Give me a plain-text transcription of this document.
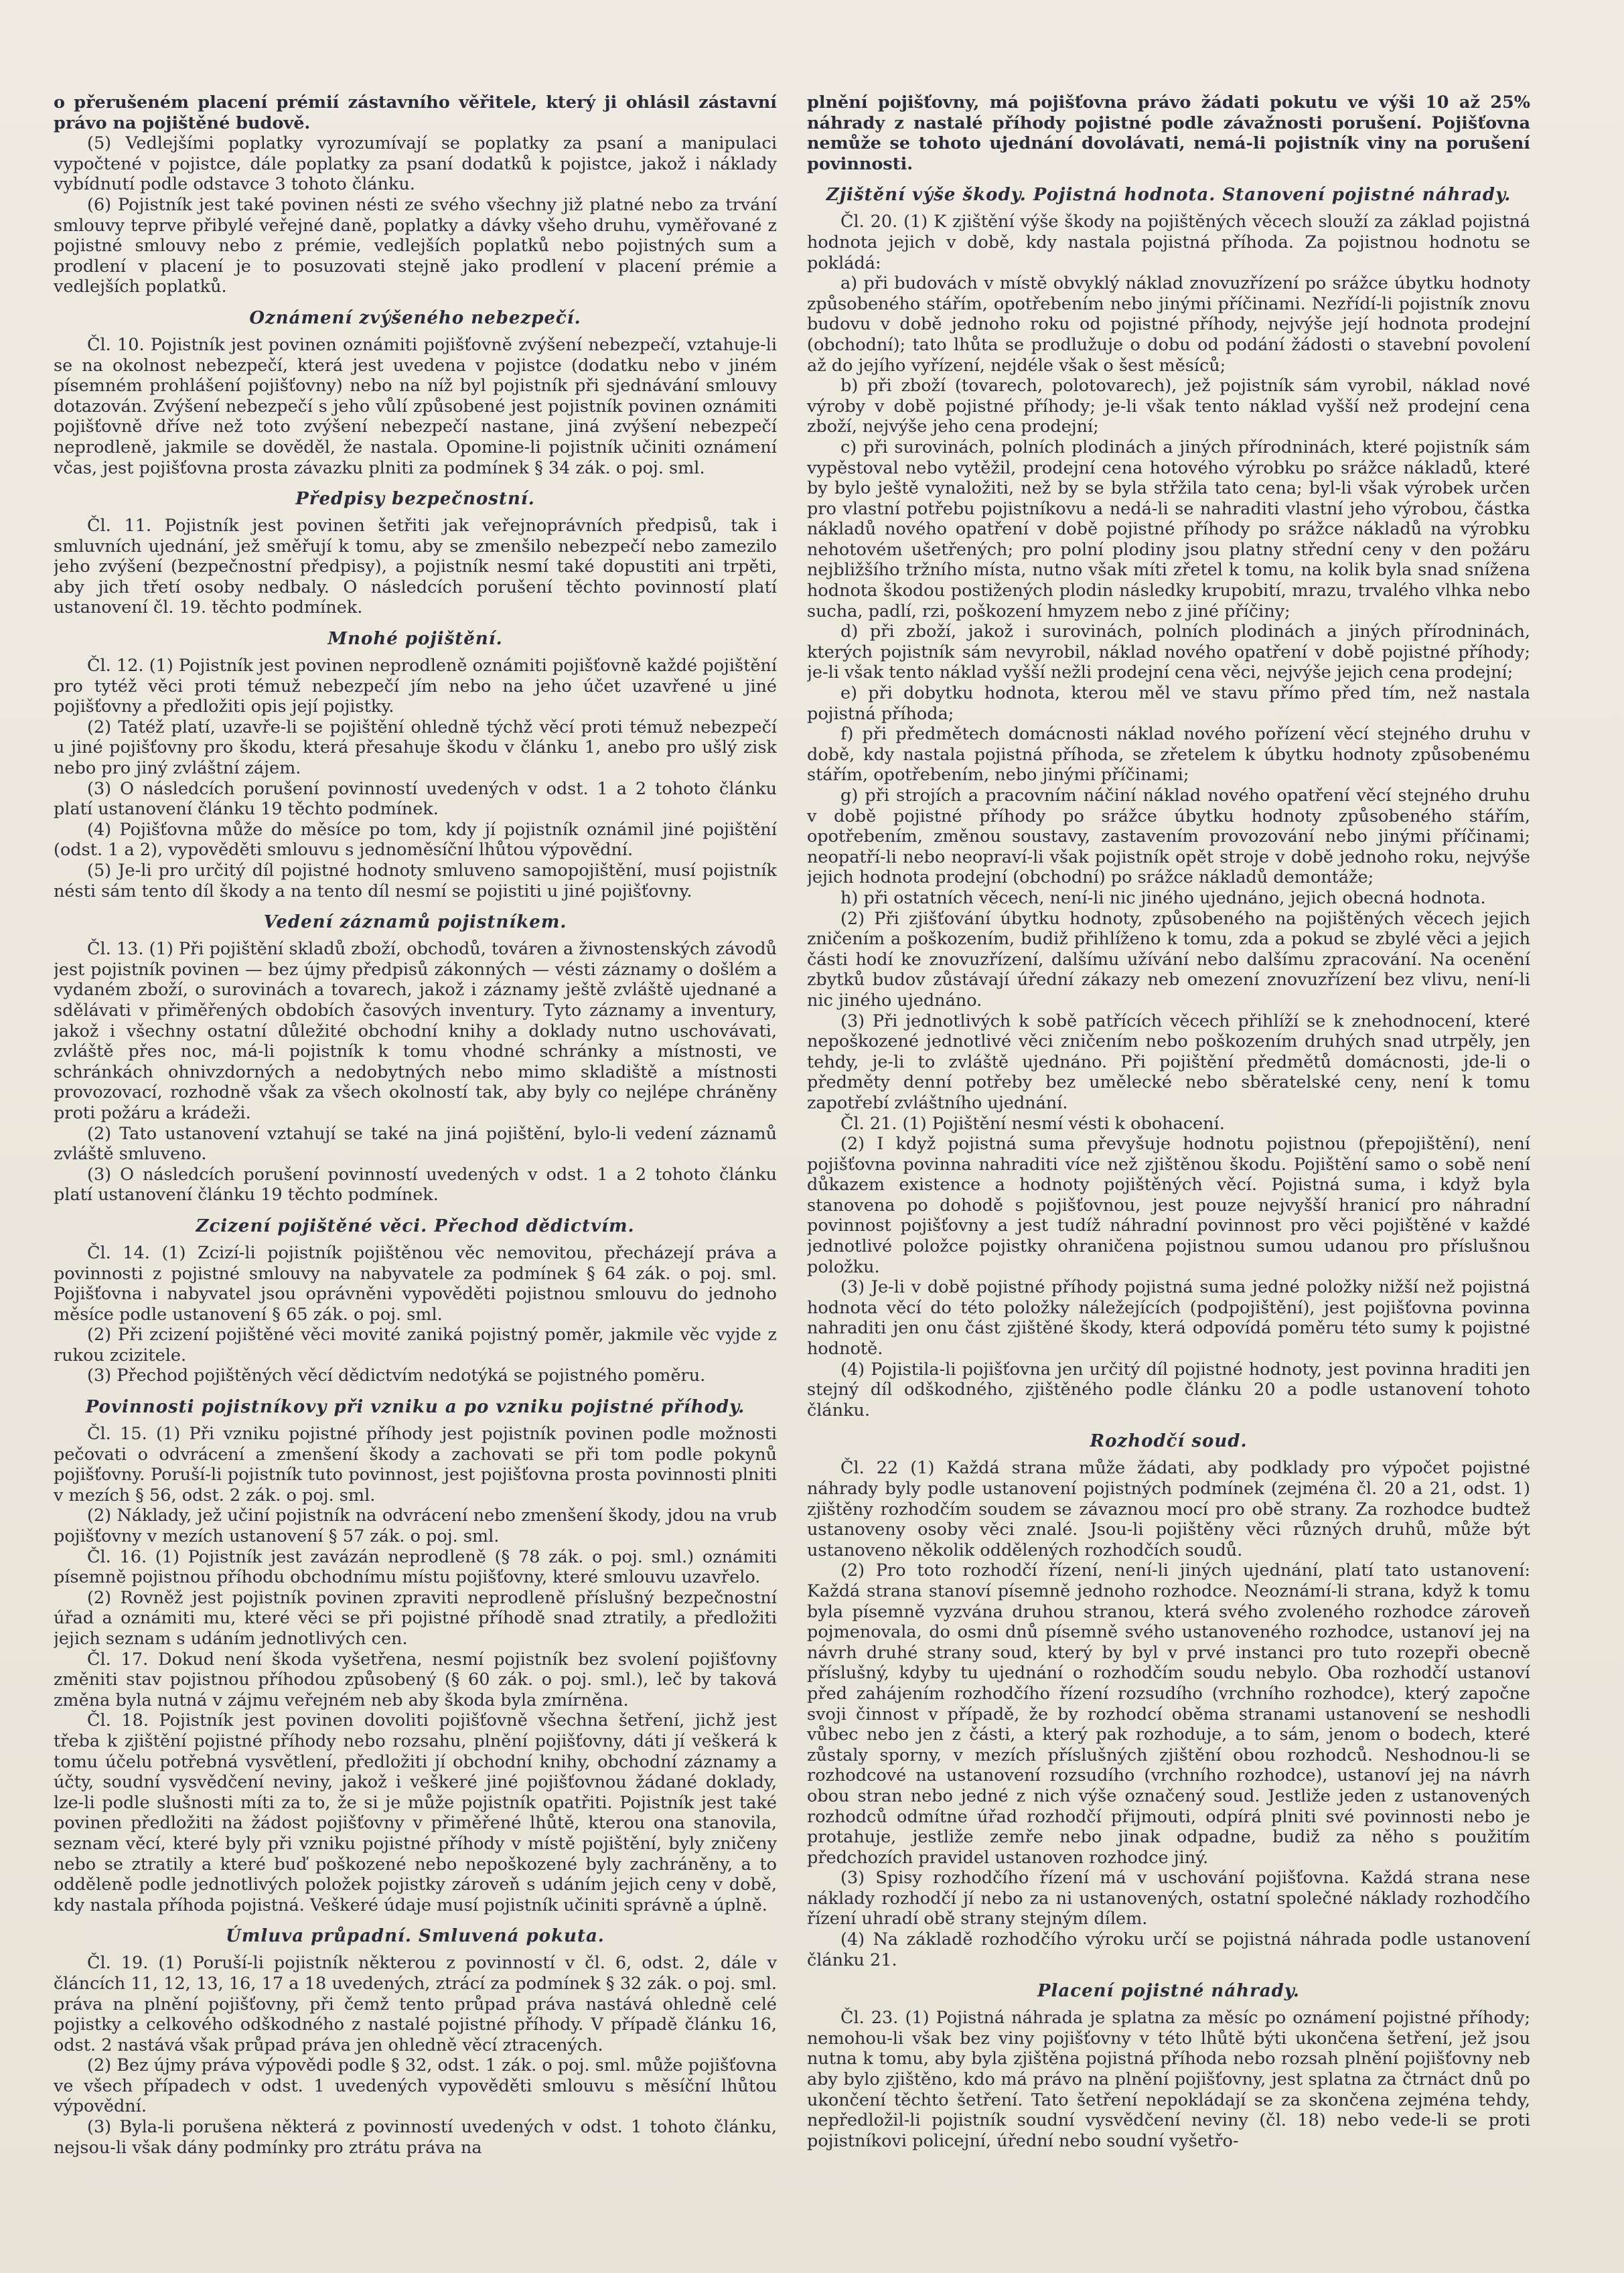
o přerušeném placení prémií zástavního věřitele, který ji ohlásil zástavní právo na pojištěné budově.

(5) Vedlejšími poplatky vyrozumívají se poplatky za psaní a manipulaci vypočtené v pojistce, dále poplatky za psaní dodatků k pojistce, jakož i náklady vybídnutí podle odstavce 3 tohoto článku.

(6) Pojistník jest také povinen nésti ze svého všechny již platné nebo za trvání smlouvy teprve přibylé veřejné daně, poplatky a dávky všeho druhu, vyměřované z pojistné smlouvy nebo z prémie, vedlejších poplatků nebo pojistných sum a prodlení v placení je to posuzovati stejně jako prodlení v placení prémie a vedlejších poplatků.

Oznámení zvýšeného nebezpečí.

Čl. 10. Pojistník jest povinen oznámiti pojišťovně zvýšení nebezpečí, vztahuje-li se na okolnost nebezpečí, která jest uvedena v pojistce (dodatku nebo v jiném písemném prohlášení pojišťovny) nebo na níž byl pojistník při sjednávání smlouvy dotazován. Zvýšení nebezpečí s jeho vůlí způsobené jest pojistník povinen oznámiti pojišťovně dříve než toto zvýšení nebezpečí nastane, jiná zvýšení nebezpečí neprodleně, jakmile se dověděl, že nastala. Opomine-li pojistník učiniti oznámení včas, jest pojišťovna prosta závazku plniti za podmínek § 34 zák. o poj. sml.

Předpisy bezpečnostní.

Čl. 11. Pojistník jest povinen šetřiti jak veřejnoprávních předpisů, tak i smluvních ujednání, jež směřují k tomu, aby se zmenšilo nebezpečí nebo zamezilo jeho zvýšení (bezpečnostní předpisy), a pojistník nesmí také dopustiti ani trpěti, aby jich třetí osoby nedbaly. O následcích porušení těchto povinností platí ustanovení čl. 19. těchto podmínek.

Mnohé pojištění.

Čl. 12. (1) Pojistník jest povinen neprodleně oznámiti pojišťovně každé pojištění pro tytéž věci proti témuž nebezpečí jím nebo na jeho účet uzavřené u jiné pojišťovny a předložiti opis její pojistky.

(2) Tatéž platí, uzavře-li se pojištění ohledně týchž věcí proti témuž nebezpečí u jiné pojišťovny pro škodu, která přesahuje škodu v článku 1, anebo pro ušlý zisk nebo pro jiný zvláštní zájem.

(3) O následcích porušení povinností uvedených v odst. 1 a 2 tohoto článku platí ustanovení článku 19 těchto podmínek.

(4) Pojišťovna může do měsíce po tom, kdy jí pojistník oznámil jiné pojištění (odst. 1 a 2), vypověděti smlouvu s jednoměsíční lhůtou výpovědní.

(5) Je-li pro určitý díl pojistné hodnoty smluveno samopojištění, musí pojistník nésti sám tento díl škody a na tento díl nesmí se pojistiti u jiné pojišťovny.

Vedení záznamů pojistníkem.

Čl. 13. (1) Při pojištění skladů zboží, obchodů, továren a živnostenských závodů jest pojistník povinen — bez újmy předpisů zákonných — vésti záznamy o došlém a vydaném zboží, o surovinách a tovarech, jakož i záznamy ještě zvláště ujednané a sdělávati v přiměřených obdobích časových inventury. Tyto záznamy a inventury, jakož i všechny ostatní důležité obchodní knihy a doklady nutno uschovávati, zvláště přes noc, má-li pojistník k tomu vhodné schránky a místnosti, ve schránkách ohnivzdorných a nedobytných nebo mimo skladiště a místnosti provozovací, rozhodně však za všech okolností tak, aby byly co nejlépe chráněny proti požáru a krádeži.

(2) Tato ustanovení vztahují se také na jiná pojištění, bylo-li vedení záznamů zvláště smluveno.

(3) O následcích porušení povinností uvedených v odst. 1 a 2 tohoto článku platí ustanovení článku 19 těchto podmínek.

Zcizení pojištěné věci. Přechod dědictvím.

Čl. 14. (1) Zcizí-li pojistník pojištěnou věc nemovitou, přecházejí práva a povinnosti z pojistné smlouvy na nabyvatele za podmínek § 64 zák. o poj. sml. Pojišťovna i nabyvatel jsou oprávněni vypověděti pojistnou smlouvu do jednoho měsíce podle ustanovení § 65 zák. o poj. sml.

(2) Při zcizení pojištěné věci movité zaniká pojistný poměr, jakmile věc vyjde z rukou zcizitele.

(3) Přechod pojištěných věcí dědictvím nedotýká se pojistného poměru.

Povinnosti pojistníkovy při vzniku a po vzniku pojistné příhody.

Čl. 15. (1) Při vzniku pojistné příhody jest pojistník povinen podle možnosti pečovati o odvrácení a zmenšení škody a zachovati se při tom podle pokynů pojišťovny. Poruší-li pojistník tuto povinnost, jest pojišťovna prosta povinnosti plniti v mezích § 56, odst. 2 zák. o poj. sml.

(2) Náklady, jež učiní pojistník na odvrácení nebo zmenšení škody, jdou na vrub pojišťovny v mezích ustanovení § 57 zák. o poj. sml.

Čl. 16. (1) Pojistník jest zavázán neprodleně (§ 78 zák. o poj. sml.) oznámiti písemně pojistnou příhodu obchodnímu místu pojišťovny, které smlouvu uzavřelo.

(2) Rovněž jest pojistník povinen zpraviti neprodleně příslušný bezpečnostní úřad a oznámiti mu, které věci se při pojistné příhodě snad ztratily, a předložiti jejich seznam s udáním jednotlivých cen.

Čl. 17. Dokud není škoda vyšetřena, nesmí pojistník bez svolení pojišťovny změniti stav pojistnou příhodou způsobený (§ 60 zák. o poj. sml.), leč by taková změna byla nutná v zájmu veřejném neb aby škoda byla zmírněna.

Čl. 18. Pojistník jest povinen dovoliti pojišťovně všechna šetření, jichž jest třeba k zjištění pojistné příhody nebo rozsahu, plnění pojišťovny, dáti jí veškerá k tomu účelu potřebná vysvětlení, předložiti jí obchodní knihy, obchodní záznamy a účty, soudní vysvědčení neviny, jakož i veškeré jiné pojišťovnou žádané doklady, lze-li podle slušnosti míti za to, že si je může pojistník opatřiti. Pojistník jest také povinen předložiti na žádost pojišťovny v přiměřené lhůtě, kterou ona stanovila, seznam věcí, které byly při vzniku pojistné příhody v místě pojištění, byly zničeny nebo se ztratily a které buď poškozené nebo nepoškozené byly zachráněny, a to odděleně podle jednotlivých položek pojistky zároveň s udáním jejich ceny v době, kdy nastala příhoda pojistná. Veškeré údaje musí pojistník učiniti správně a úplně.

Úmluva průpadní. Smluvená pokuta.

Čl. 19. (1) Poruší-li pojistník některou z povinností v čl. 6, odst. 2, dále v článcích 11, 12, 13, 16, 17 a 18 uvedených, ztrácí za podmínek § 32 zák. o poj. sml. práva na plnění pojišťovny, při čemž tento průpad práva nastává ohledně celé pojistky a celkového odškodného z nastalé pojistné příhody. V případě článku 16, odst. 2 nastává však průpad práva jen ohledně věcí ztracených.

(2) Bez újmy práva výpovědi podle § 32, odst. 1 zák. o poj. sml. může pojišťovna ve všech případech v odst. 1 uvedených vypověděti smlouvu s měsíční lhůtou výpovědní.

(3) Byla-li porušena některá z povinností uvedených v odst. 1 tohoto článku, nejsou-li však dány podmínky pro ztrátu práva na

plnění pojišťovny, má pojišťovna právo žádati pokutu ve výši 10 až 25% náhrady z nastalé příhody pojistné podle závažnosti porušení. Pojišťovna nemůže se tohoto ujednání dovolávati, nemá-li pojistník viny na porušení povinnosti.

Zjištění výše škody. Pojistná hodnota. Stanovení pojistné náhrady.

Čl. 20. (1) K zjištění výše škody na pojištěných věcech slouží za základ pojistná hodnota jejich v době, kdy nastala pojistná příhoda. Za pojistnou hodnotu se pokládá:

a) při budovách v místě obvyklý náklad znovuzřízení po srážce úbytku hodnoty způsobeného stářím, opotřebením nebo jinými příčinami. Nezřídí-li pojistník znovu budovu v době jednoho roku od pojistné příhody, nejvýše její hodnota prodejní (obchodní); tato lhůta se prodlužuje o dobu od podání žádosti o stavební povolení až do jejího vyřízení, nejdéle však o šest měsíců;

b) při zboží (tovarech, polotovarech), jež pojistník sám vyrobil, náklad nové výroby v době pojistné příhody; je-li však tento náklad vyšší než prodejní cena zboží, nejvýše jeho cena prodejní;

c) při surovinách, polních plodinách a jiných přírodninách, které pojistník sám vypěstoval nebo vytěžil, prodejní cena hotového výrobku po srážce nákladů, které by bylo ještě vynaložiti, než by se byla střžila tato cena; byl-li však výrobek určen pro vlastní potřebu pojistníkovu a nedá-li se nahraditi vlastní jeho výrobou, částka nákladů nového opatření v době pojistné příhody po srážce nákladů na výrobku nehotovém ušetřených; pro polní plodiny jsou platny střední ceny v den požáru nejbližšího tržního místa, nutno však míti zřetel k tomu, na kolik byla snad snížena hodnota škodou postižených plodin následky krupobití, mrazu, trvalého vlhka nebo sucha, padlí, rzi, poškození hmyzem nebo z jiné příčiny;

d) při zboží, jakož i surovinách, polních plodinách a jiných přírodninách, kterých pojistník sám nevyrobil, náklad nového opatření v době pojistné příhody; je-li však tento náklad vyšší nežli prodejní cena věci, nejvýše jejich cena prodejní;

e) při dobytku hodnota, kterou měl ve stavu přímo před tím, než nastala pojistná příhoda;

f) při předmětech domácnosti náklad nového pořízení věcí stejného druhu v době, kdy nastala pojistná příhoda, se zřetelem k úbytku hodnoty způsobenému stářím, opotřebením, nebo jinými příčinami;

g) při strojích a pracovním náčiní náklad nového opatření věcí stejného druhu v době pojistné příhody po srážce úbytku hodnoty způsobeného stářím, opotřebením, změnou soustavy, zastavením provozování nebo jinými příčinami; neopatří-li nebo neopraví-li však pojistník opět stroje v době jednoho roku, nejvýše jejich hodnota prodejní (obchodní) po srážce nákladů demontáže;

h) při ostatních věcech, není-li nic jiného ujednáno, jejich obecná hodnota.

(2) Při zjišťování úbytku hodnoty, způsobeného na pojištěných věcech jejich zničením a poškozením, budiž přihlíženo k tomu, zda a pokud se zbylé věci a jejich části hodí ke znovuzřízení, dalšímu užívání nebo dalšímu zpracování. Na ocenění zbytků budov zůstávají úřední zákazy neb omezení znovuzřízení bez vlivu, není-li nic jiného ujednáno.

(3) Při jednotlivých k sobě patřících věcech přihlíží se k znehodnocení, které nepoškozené jednotlivé věci zničením nebo poškozením druhých snad utrpěly, jen tehdy, je-li to zvláště ujednáno. Při pojištění předmětů domácnosti, jde-li o předměty denní potřeby bez umělecké nebo sběratelské ceny, není k tomu zapotřebí zvláštního ujednání.

Čl. 21. (1) Pojištění nesmí vésti k obohacení.

(2) I když pojistná suma převyšuje hodnotu pojistnou (přepojištění), není pojišťovna povinna nahraditi více než zjištěnou škodu. Pojištění samo o sobě není důkazem existence a hodnoty pojištěných věcí. Pojistná suma, i když byla stanovena po dohodě s pojišťovnou, jest pouze nejvyšší hranicí pro náhradní povinnost pojišťovny a jest tudíž náhradní povinnost pro věci pojištěné v každé jednotlivé položce pojistky ohraničena pojistnou sumou udanou pro příslušnou položku.

(3) Je-li v době pojistné příhody pojistná suma jedné položky nižší než pojistná hodnota věcí do této položky náležejících (podpojištění), jest pojišťovna povinna nahraditi jen onu část zjištěné škody, která odpovídá poměru této sumy k pojistné hodnotě.

(4) Pojistila-li pojišťovna jen určitý díl pojistné hodnoty, jest povinna hraditi jen stejný díl odškodného, zjištěného podle článku 20 a podle ustanovení tohoto článku.

Rozhodčí soud.

Čl. 22 (1) Každá strana může žádati, aby podklady pro výpočet pojistné náhrady byly podle ustanovení pojistných podmínek (zejména čl. 20 a 21, odst. 1) zjištěny rozhodčím soudem se závaznou mocí pro obě strany. Za rozhodce budtež ustanoveny osoby věci znalé. Jsou-li pojištěny věci různých druhů, může být ustanoveno několik oddělených rozhodčích soudů.

(2) Pro toto rozhodčí řízení, není-li jiných ujednání, platí tato ustanovení: Každá strana stanoví písemně jednoho rozhodce. Neoznámí-li strana, když k tomu byla písemně vyzvána druhou stranou, která svého zvoleného rozhodce zároveň pojmenovala, do osmi dnů písemně svého ustanoveného rozhodce, ustanoví jej na návrh druhé strany soud, který by byl v prvé instanci pro tuto rozepři obecně příslušný, kdyby tu ujednání o rozhodčím soudu nebylo. Oba rozhodčí ustanoví před zahájením rozhodčího řízení rozsudího (vrchního rozhodce), který započne svoji činnost v případě, že by rozhodcí oběma stranami ustanovení se neshodli vůbec nebo jen z části, a který pak rozhoduje, a to sám, jenom o bodech, které zůstaly sporny, v mezích příslušných zjištění obou rozhodců. Neshodnou-li se rozhodcové na ustanovení rozsudího (vrchního rozhodce), ustanoví jej na návrh obou stran nebo jedné z nich výše označený soud. Jestliže jeden z ustanovených rozhodců odmítne úřad rozhodčí přijmouti, odpírá plniti své povinnosti nebo je protahuje, jestliže zemře nebo jinak odpadne, budiž za něho s použitím předchozích pravidel ustanoven rozhodce jiný.

(3) Spisy rozhodčího řízení má v uschování pojišťovna. Každá strana nese náklady rozhodčí jí nebo za ni ustanovených, ostatní společné náklady rozhodčího řízení uhradí obě strany stejným dílem.

(4) Na základě rozhodčího výroku určí se pojistná náhrada podle ustanovení článku 21.

Placení pojistné náhrady.

Čl. 23. (1) Pojistná náhrada je splatna za měsíc po oznámení pojistné příhody; nemohou-li však bez viny pojišťovny v této lhůtě býti ukončena šetření, jež jsou nutna k tomu, aby byla zjištěna pojistná příhoda nebo rozsah plnění pojišťovny neb aby bylo zjištěno, kdo má právo na plnění pojišťovny, jest splatna za čtrnáct dnů po ukončení těchto šetření. Tato šetření nepokládají se za skončena zejména tehdy, nepředložil-li pojistník soudní vysvědčení neviny (čl. 18) nebo vede-li se proti pojistníkovi policejní, úřední nebo soudní vyšetřo-
